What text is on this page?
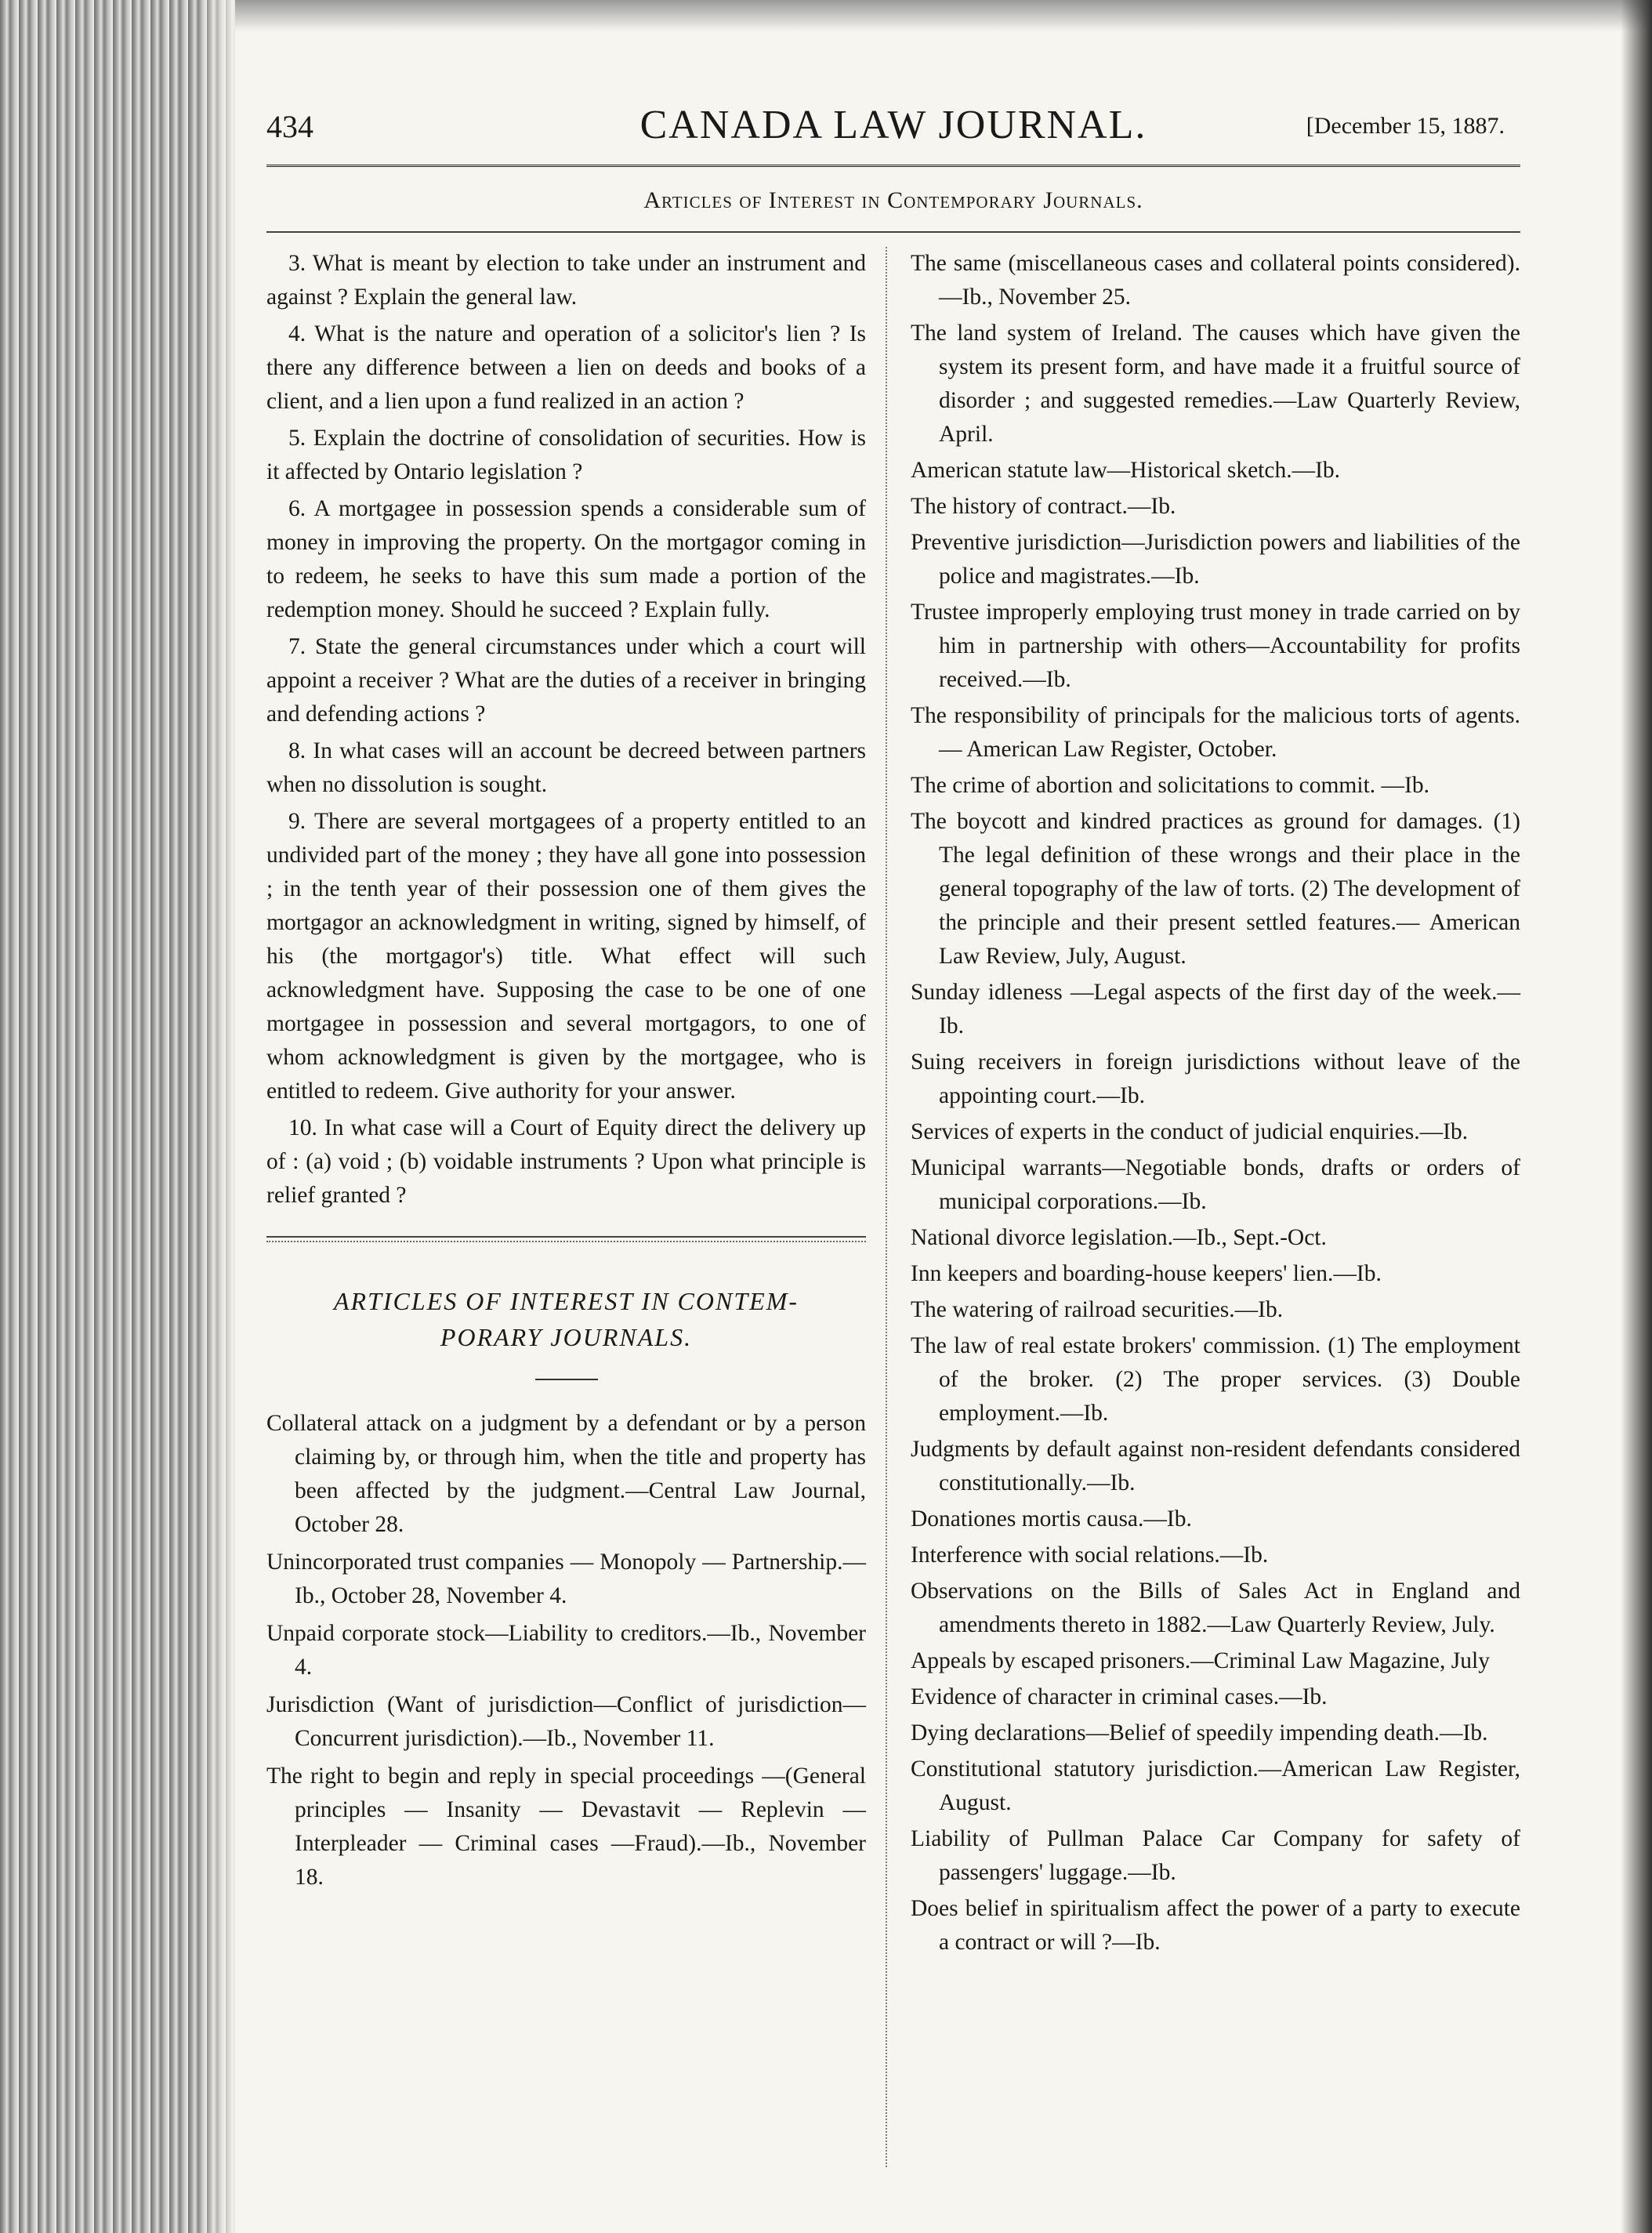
434	CANADA LAW JOURNAL.	[December 15, 1887.
Articles of Interest in Contemporary Journals.

3. What is meant by election to take under an instrument and against ? Explain the general law.

4. What is the nature and operation of a solicitor's lien ? Is there any difference between a lien on deeds and books of a client, and a lien upon a fund realized in an action ?

5. Explain the doctrine of consolidation of securities. How is it affected by Ontario legislation ?

6. A mortgagee in possession spends a considerable sum of money in improving the property. On the mortgagor coming in to redeem, he seeks to have this sum made a portion of the redemption money. Should he succeed ? Explain fully.

7. State the general circumstances under which a court will appoint a receiver ? What are the duties of a receiver in bringing and defending actions ?

8. In what cases will an account be decreed between partners when no dissolution is sought.

9. There are several mortgagees of a property entitled to an undivided part of the money ; they have all gone into possession ; in the tenth year of their possession one of them gives the mortgagor an acknowledgment in writing, signed by himself, of his (the mortgagor's) title. What effect will such acknowledgment have. Supposing the case to be one of one mortgagee in possession and several mortgagors, to one of whom acknowledgment is given by the mortgagee, who is entitled to redeem. Give authority for your answer.

10. In what case will a Court of Equity direct the delivery up of : (a) void ; (b) voidable instruments ? Upon what principle is relief granted ?

ARTICLES OF INTEREST IN CONTEM-

PORARY JOURNALS.

Collateral attack on a judgment by a defendant or by a person claiming by, or through him, when the title and property has been affected by the judgment.—Central Law Journal, October 28.

Unincorporated trust companies — Monopoly — Partnership.—Ib., October 28, November 4.

Unpaid corporate stock—Liability to creditors.—Ib., November 4.

Jurisdiction (Want of jurisdiction—Conflict of jurisdiction—Concurrent jurisdiction).—Ib., November 11.

The right to begin and reply in special proceedings —(General principles — Insanity — Devastavit — Replevin — Interpleader — Criminal cases —Fraud).—Ib., November 18.

The same (miscellaneous cases and collateral points considered).—Ib., November 25.

The land system of Ireland. The causes which have given the system its present form, and have made it a fruitful source of disorder ; and suggested remedies.—Law Quarterly Review, April.

American statute law—Historical sketch.—Ib.

The history of contract.—Ib.

Preventive jurisdiction—Jurisdiction powers and liabilities of the police and magistrates.—Ib.

Trustee improperly employing trust money in trade carried on by him in partnership with others—Accountability for profits received.—Ib.

The responsibility of principals for the malicious torts of agents.— American Law Register, October.

The crime of abortion and solicitations to commit. —Ib.

The boycott and kindred practices as ground for damages. (1) The legal definition of these wrongs and their place in the general topography of the law of torts. (2) The development of the principle and their present settled features.— American Law Review, July, August.

Sunday idleness —Legal aspects of the first day of the week.—Ib.

Suing receivers in foreign jurisdictions without leave of the appointing court.—Ib.

Services of experts in the conduct of judicial enquiries.—Ib.

Municipal warrants—Negotiable bonds, drafts or orders of municipal corporations.—Ib.

National divorce legislation.—Ib., Sept.-Oct.

Inn keepers and boarding-house keepers' lien.—Ib.

The watering of railroad securities.—Ib.

The law of real estate brokers' commission. (1) The employment of the broker. (2) The proper services. (3) Double employment.—Ib.

Judgments by default against non-resident defendants considered constitutionally.—Ib.

Donationes mortis causa.—Ib.

Interference with social relations.—Ib.

Observations on the Bills of Sales Act in England and amendments thereto in 1882.—Law Quarterly Review, July.

Appeals by escaped prisoners.—Criminal Law Magazine, July

Evidence of character in criminal cases.—Ib.

Dying declarations—Belief of speedily impending death.—Ib.

Constitutional statutory jurisdiction.—American Law Register, August.

Liability of Pullman Palace Car Company for safety of passengers' luggage.—Ib.

Does belief in spiritualism affect the power of a party to execute a contract or will ?—Ib.
